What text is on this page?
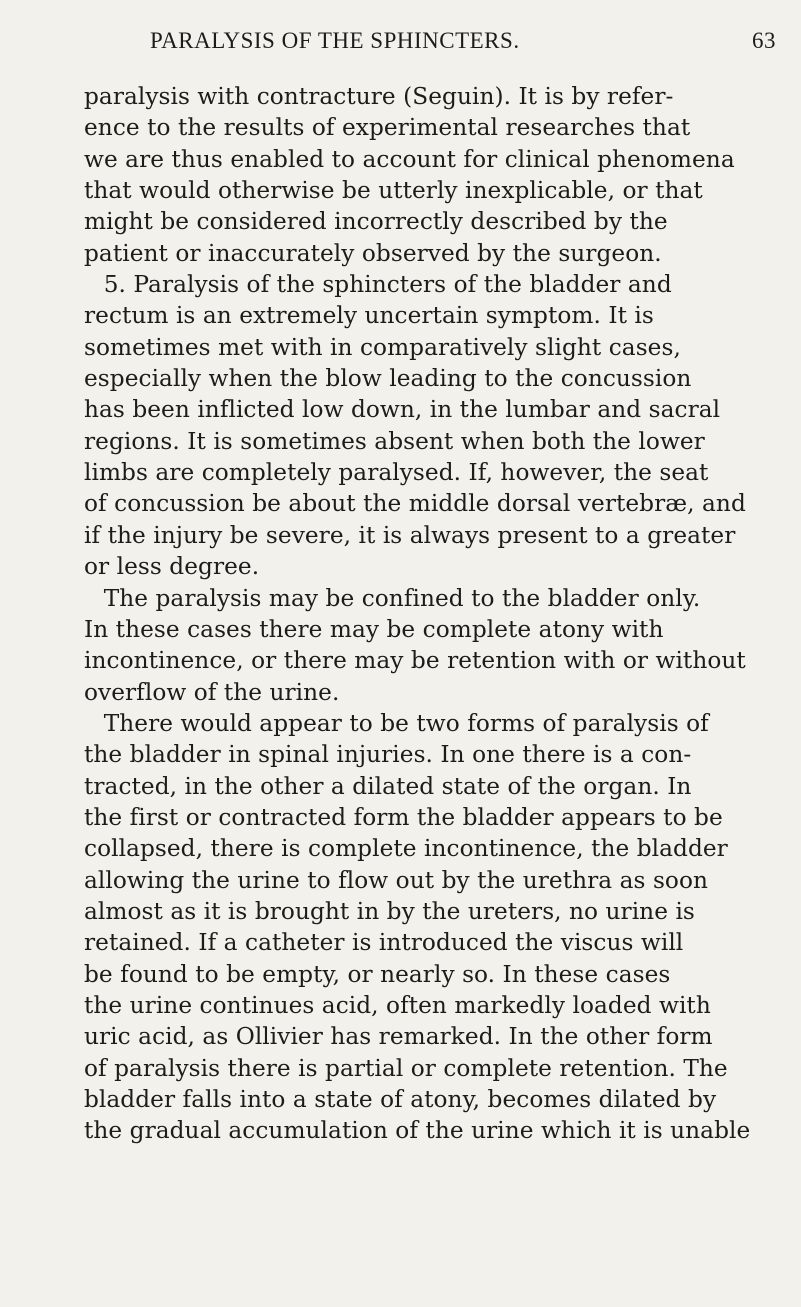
PARALYSIS OF THE SPHINCTERS.	63
paralysis with contracture (Seguin). It is by refer-
ence to the results of experimental researches that
we are thus enabled to account for clinical phenomena
that would otherwise be utterly inexplicable, or that
might be considered incorrectly described by the
patient or inaccurately observed by the surgeon.
5. Paralysis of the sphincters of the bladder and
rectum is an extremely uncertain symptom. It is
sometimes met with in comparatively slight cases,
especially when the blow leading to the concussion
has been inflicted low down, in the lumbar and sacral
regions. It is sometimes absent when both the lower
limbs are completely paralysed. If, however, the seat
of concussion be about the middle dorsal vertebræ, and
if the injury be severe, it is always present to a greater
or less degree.
The paralysis may be confined to the bladder only.
In these cases there may be complete atony with
incontinence, or there may be retention with or without
overflow of the urine.
There would appear to be two forms of paralysis of
the bladder in spinal injuries. In one there is a con-
tracted, in the other a dilated state of the organ. In
the first or contracted form the bladder appears to be
collapsed, there is complete incontinence, the bladder
allowing the urine to flow out by the urethra as soon
almost as it is brought in by the ureters, no urine is
retained. If a catheter is introduced the viscus will
be found to be empty, or nearly so. In these cases
the urine continues acid, often markedly loaded with
uric acid, as Ollivier has remarked. In the other form
of paralysis there is partial or complete retention. The
bladder falls into a state of atony, becomes dilated by
the gradual accumulation of the urine which it is unable
